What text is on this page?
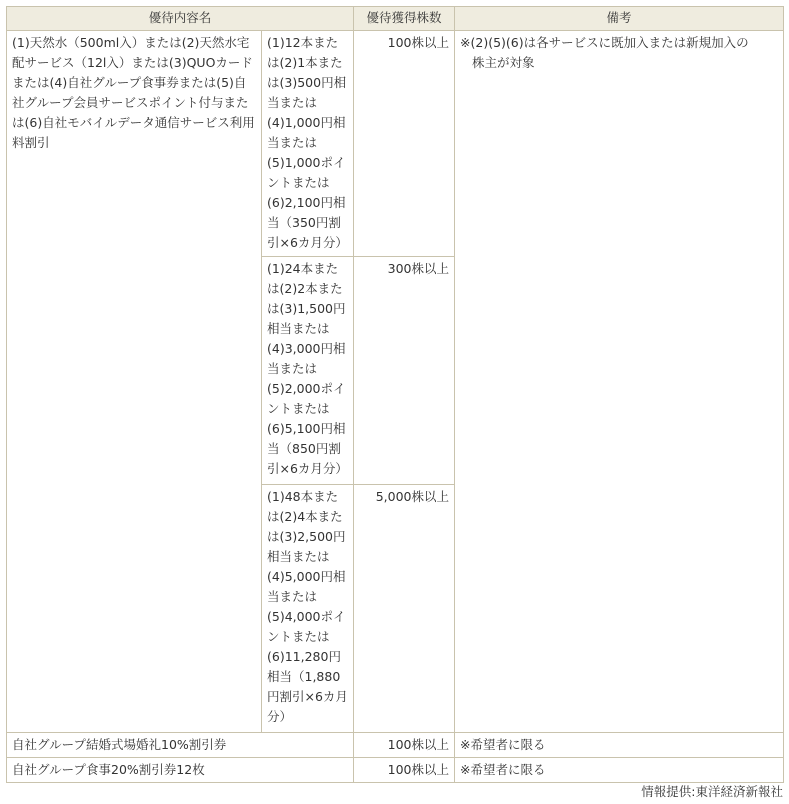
優待内容名		優待獲得株数	備考
(1)天然水（500ml入）または(2)天然水宅配サービス（12l入）または(3)QUOカードまたは(4)自社グループ食事券または(5)自社グループ会員サービスポイント付与または(6)自社モバイルデータ通信サービス利用料割引	(1)12本または(2)1本または(3)500円相当または(4)1,000円相当または(5)1,000ポイントまたは(6)2,100円相当（350円割引×6カ月分）	100株以上	※(2)(5)(6)は各サービスに既加入または新規加入の
株主が対象

	(1)24本または(2)2本または(3)1,500円相当または(4)3,000円相当または(5)2,000ポイントまたは(6)5,100円相当（850円割引×6カ月分）	300株以上	
	(1)48本または(2)4本または(3)2,500円相当または(4)5,000円相当または(5)4,000ポイントまたは(6)11,280円相当（1,880円割引×6カ月分）	5,000株以上	
自社グループ結婚式場婚礼10%割引券		100株以上	※希望者に限る
自社グループ食事20%割引券12枚		100株以上	※希望者に限る
情報提供:東洋経済新報社
